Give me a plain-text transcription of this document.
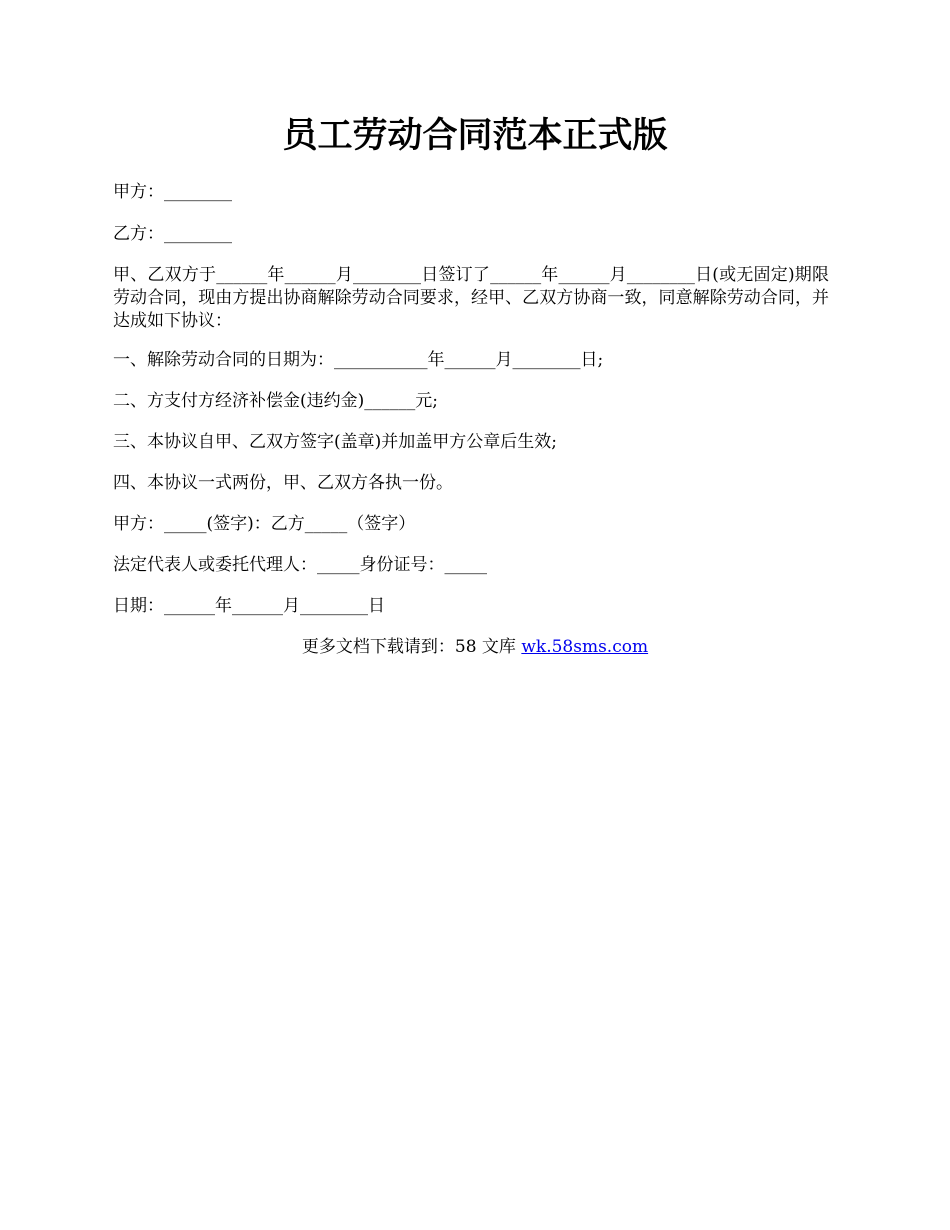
员工劳动合同范本正式版

甲方：________

乙方：________

甲、乙双方于______年______月________日签订了______年______月________日(或无固定)期限劳动合同，现由方提出协商解除劳动合同要求，经甲、乙双方协商一致，同意解除劳动合同，并达成如下协议：

一、解除劳动合同的日期为：___________年______月________日;

二、方支付方经济补偿金(违约金)______元;

三、本协议自甲、乙双方签字(盖章)并加盖甲方公章后生效;

四、本协议一式两份，甲、乙双方各执一份。

甲方：_____(签字)：乙方_____（签字）

法定代表人或委托代理人：_____身份证号：_____

日期：______年______月________日

更多文档下载请到：58 文库 wk.58sms.com
